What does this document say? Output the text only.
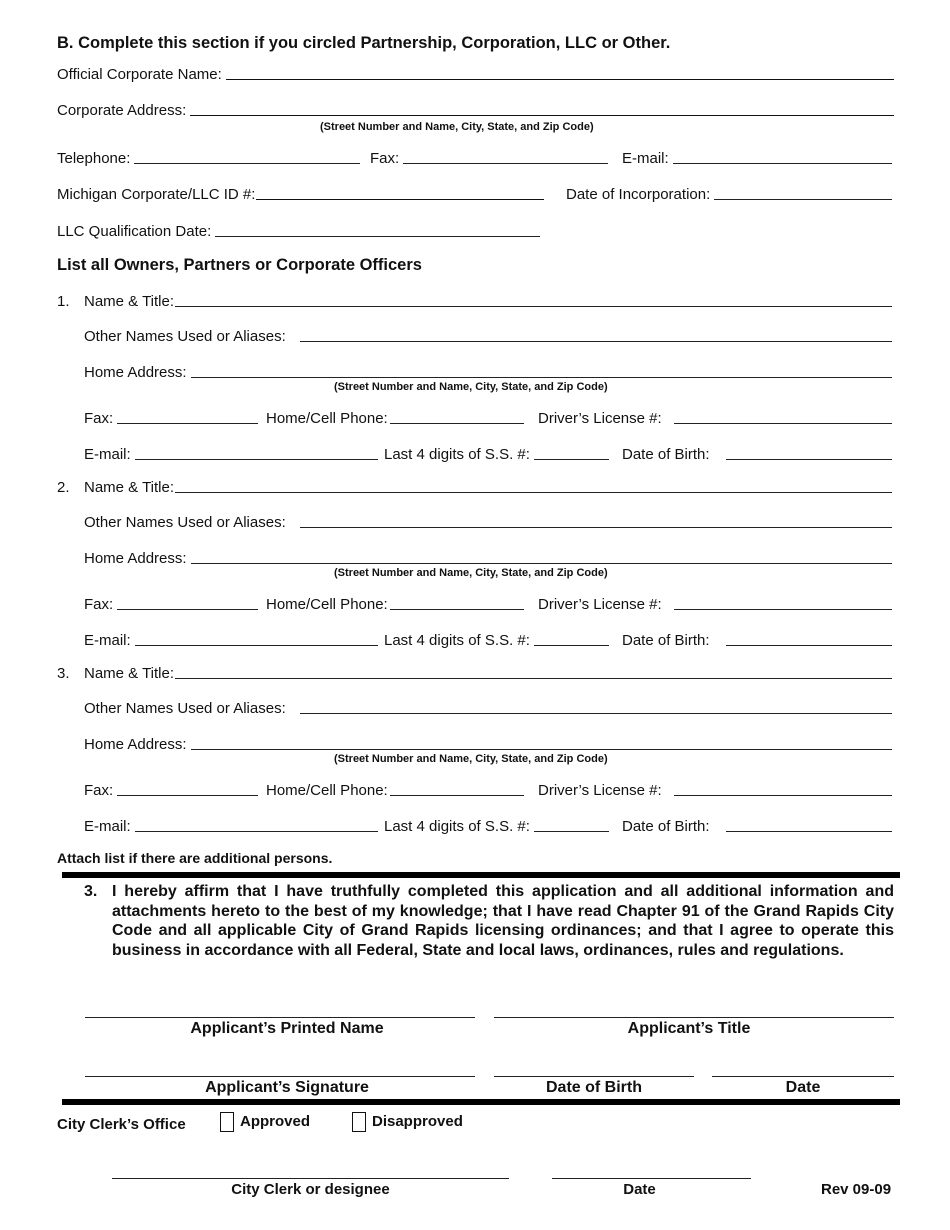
B. Complete this section if you circled Partnership, Corporation, LLC or Other.
Official Corporate Name:
Corporate Address:
(Street Number and Name, City, State, and Zip Code)
Telephone:	Fax:	E-mail:
Michigan Corporate/LLC ID #:	Date of Incorporation:
LLC Qualification Date:
List all Owners, Partners or Corporate Officers
1. Name & Title:
Other Names Used or Aliases:
Home Address:
(Street Number and Name, City, State, and Zip Code)
Fax:	Home/Cell Phone:	Driver’s License #:
E-mail:	Last 4 digits of S.S. #:	Date of Birth:
2. Name & Title:
Other Names Used or Aliases:
Home Address:
(Street Number and Name, City, State, and Zip Code)
Fax:	Home/Cell Phone:	Driver’s License #:
E-mail:	Last 4 digits of S.S. #:	Date of Birth:
3. Name & Title:
Other Names Used or Aliases:
Home Address:
(Street Number and Name, City, State, and Zip Code)
Fax:	Home/Cell Phone:	Driver’s License #:
E-mail:	Last 4 digits of S.S. #:	Date of Birth:
Attach list if there are additional persons.
3. I hereby affirm that I have truthfully completed this application and all additional information and attachments hereto to the best of my knowledge; that I have read Chapter 91 of the Grand Rapids City Code and all applicable City of Grand Rapids licensing ordinances; and that I agree to operate this business in accordance with all Federal, State and local laws, ordinances, rules and regulations.
Applicant’s Printed Name	Applicant’s Title
Applicant’s Signature	Date of Birth	Date
City Clerk’s Office	Approved	Disapproved
City Clerk or designee	Date	Rev 09-09
